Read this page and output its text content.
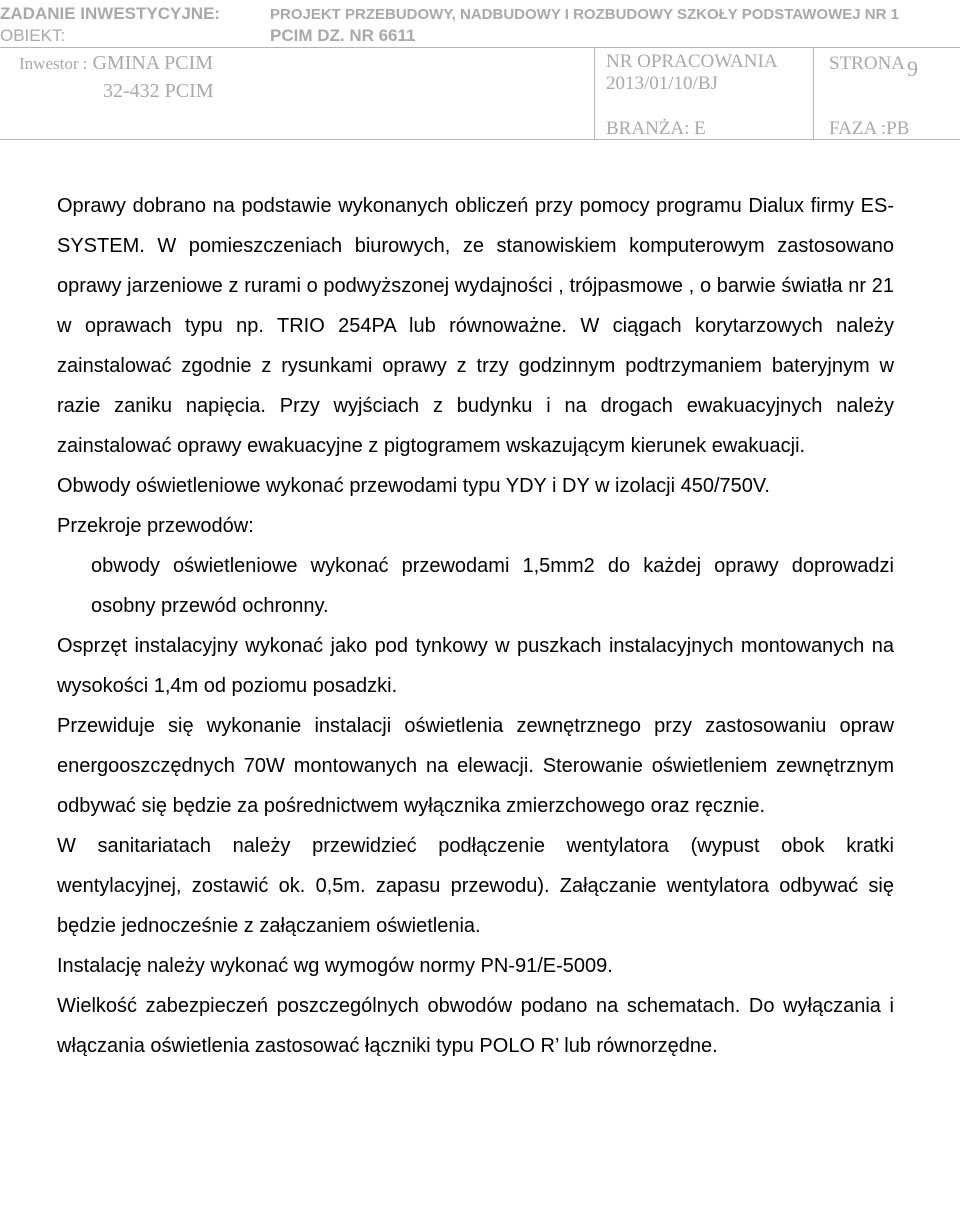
ZADANIE INWESTYCYJNE:	PROJEKT PRZEBUDOWY, NADBUDOWY I ROZBUDOWY SZKOŁY PODSTAWOWEJ NR 1
OBIEKT:	PCIM DZ. NR 6611
Inwestor : GMINA PCIM
32-432 PCIM
NR OPRACOWANIA
2013/01/10/BJ
STRONA9
BRANŻA: E	FAZA :PB

Oprawy dobrano na podstawie wykonanych obliczeń przy pomocy programu Dialux firmy ES-SYSTEM. W pomieszczeniach biurowych, ze stanowiskiem komputerowym zastosowano oprawy jarzeniowe z rurami o podwyższonej wydajności , trójpasmowe , o barwie światła nr 21 w oprawach typu np. TRIO 254PA lub równoważne. W ciągach korytarzowych należy zainstalować zgodnie z rysunkami oprawy z trzy godzinnym podtrzymaniem bateryjnym w razie zaniku napięcia. Przy wyjściach z budynku i na drogach ewakuacyjnych należy zainstalować oprawy ewakuacyjne z pigtogramem wskazującym kierunek ewakuacji.

Obwody oświetleniowe wykonać przewodami typu YDY i DY w izolacji 450/750V.

Przekroje przewodów:

obwody oświetleniowe wykonać przewodami 1,5mm2 do każdej oprawy doprowadzi osobny przewód ochronny.

Osprzęt instalacyjny wykonać jako pod tynkowy w puszkach instalacyjnych montowanych na wysokości 1,4m od poziomu posadzki.

Przewiduje się wykonanie instalacji oświetlenia zewnętrznego przy zastosowaniu opraw energooszczędnych 70W montowanych na elewacji. Sterowanie oświetleniem zewnętrznym odbywać się będzie za pośrednictwem wyłącznika zmierzchowego oraz ręcznie.

W sanitariatach należy przewidzieć podłączenie wentylatora (wypust obok kratki wentylacyjnej, zostawić ok. 0,5m. zapasu przewodu). Załączanie wentylatora odbywać się będzie jednocześnie z załączaniem oświetlenia.

Instalację należy wykonać wg wymogów normy PN-91/E-5009.

Wielkość zabezpieczeń poszczególnych obwodów podano na schematach. Do wyłączania i włączania oświetlenia zastosować łączniki typu POLO R’ lub równorzędne.
